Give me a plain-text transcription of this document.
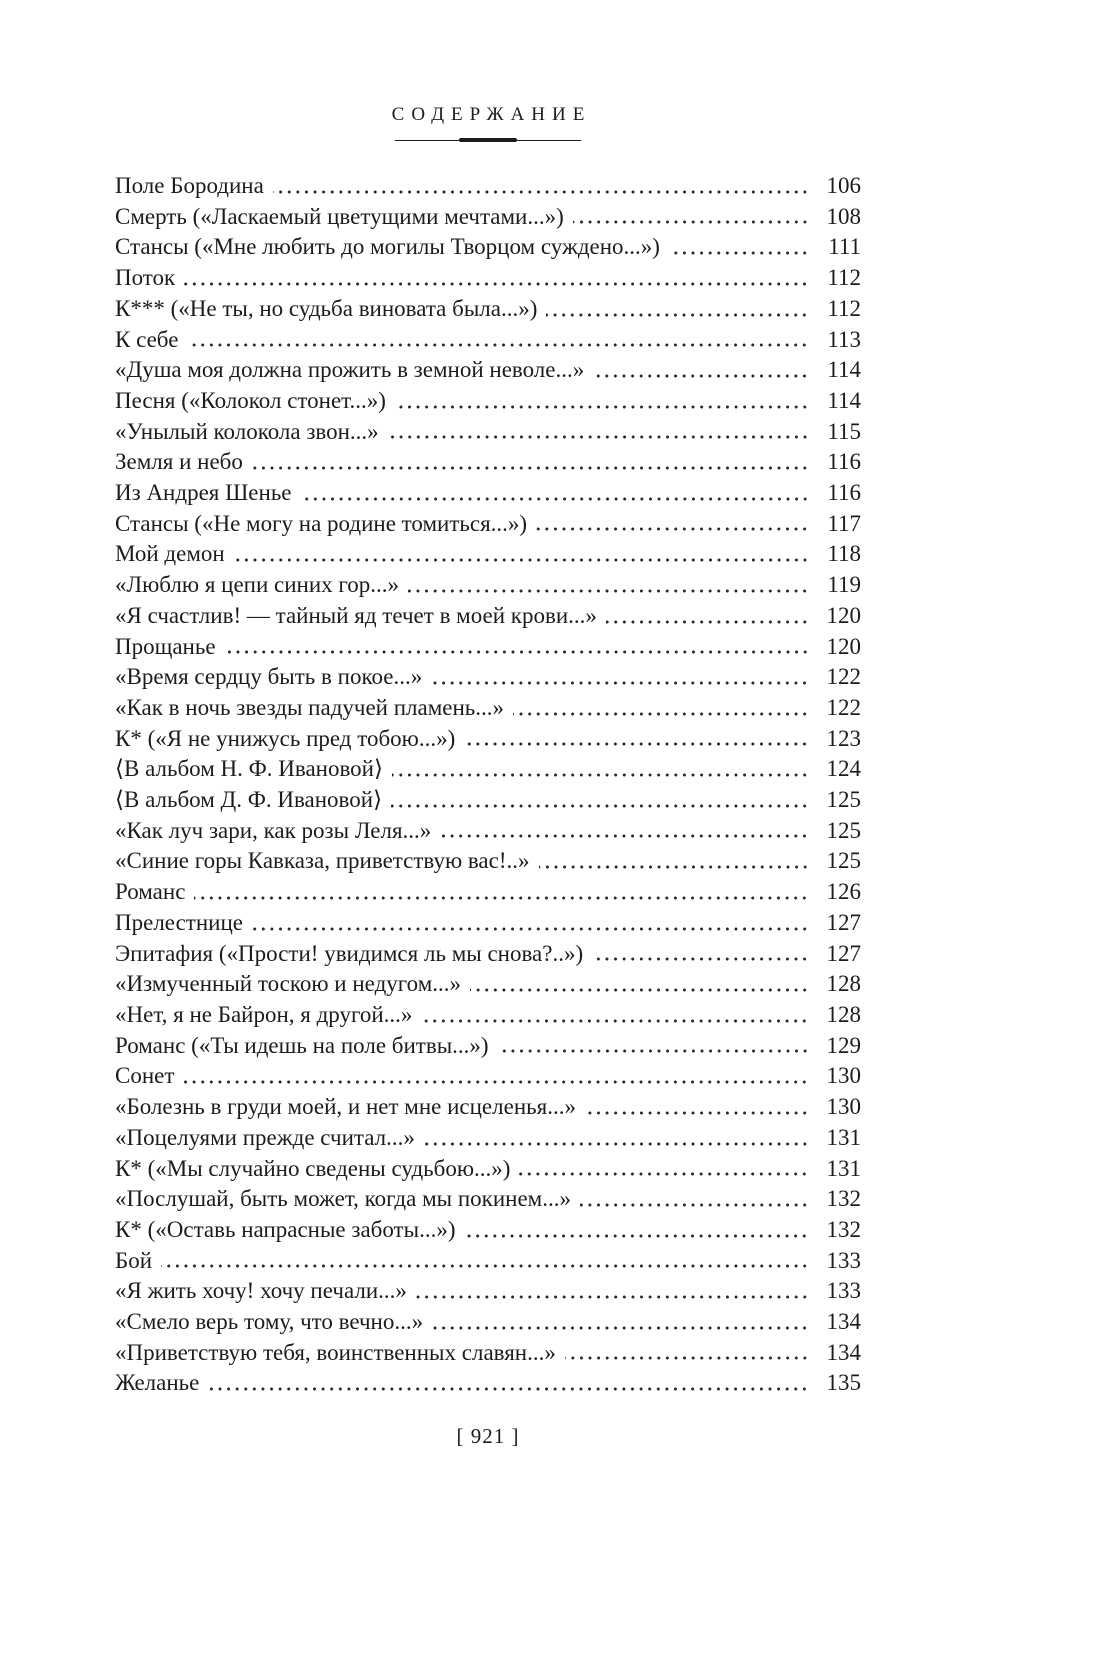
СОДЕРЖАНИЕ
Поле Бородина	106
Смерть («Ласкаемый цветущими мечтами...»)	108
Стансы («Мне любить до могилы Творцом суждено...»)	111
Поток	112
К*** («Не ты, но судьба виновата была...»)	112
К себе	113
«Душа моя должна прожить в земной неволе...»	114
Песня («Колокол стонет...»)	114
«Унылый колокола звон...»	115
Земля и небо	116
Из Андрея Шенье	116
Стансы («Не могу на родине томиться...»)	117
Мой демон	118
«Люблю я цепи синих гор...»	119
«Я счастлив! — тайный яд течет в моей крови...»	120
Прощанье	120
«Время сердцу быть в покое...»	122
«Как в ночь звезды падучей пламень...»	122
К* («Я не унижусь пред тобою...»)	123
⟨В альбом Н. Ф. Ивановой⟩	124
⟨В альбом Д. Ф. Ивановой⟩	125
«Как луч зари, как розы Леля...»	125
«Синие горы Кавказа, приветствую вас!..»	125
Романс	126
Прелестнице	127
Эпитафия («Прости! увидимся ль мы снова?..»)	127
«Измученный тоскою и недугом...»	128
«Нет, я не Байрон, я другой...»	128
Романс («Ты идешь на поле битвы...»)	129
Сонет	130
«Болезнь в груди моей, и нет мне исцеленья...»	130
«Поцелуями прежде считал...»	131
К* («Мы случайно сведены судьбою...»)	131
«Послушай, быть может, когда мы покинем...»	132
К* («Оставь напрасные заботы...»)	132
Бой	133
«Я жить хочу! хочу печали...»	133
«Смело верь тому, что вечно...»	134
«Приветствую тебя, воинственных славян...»	134
Желанье	135
[ 921 ]
